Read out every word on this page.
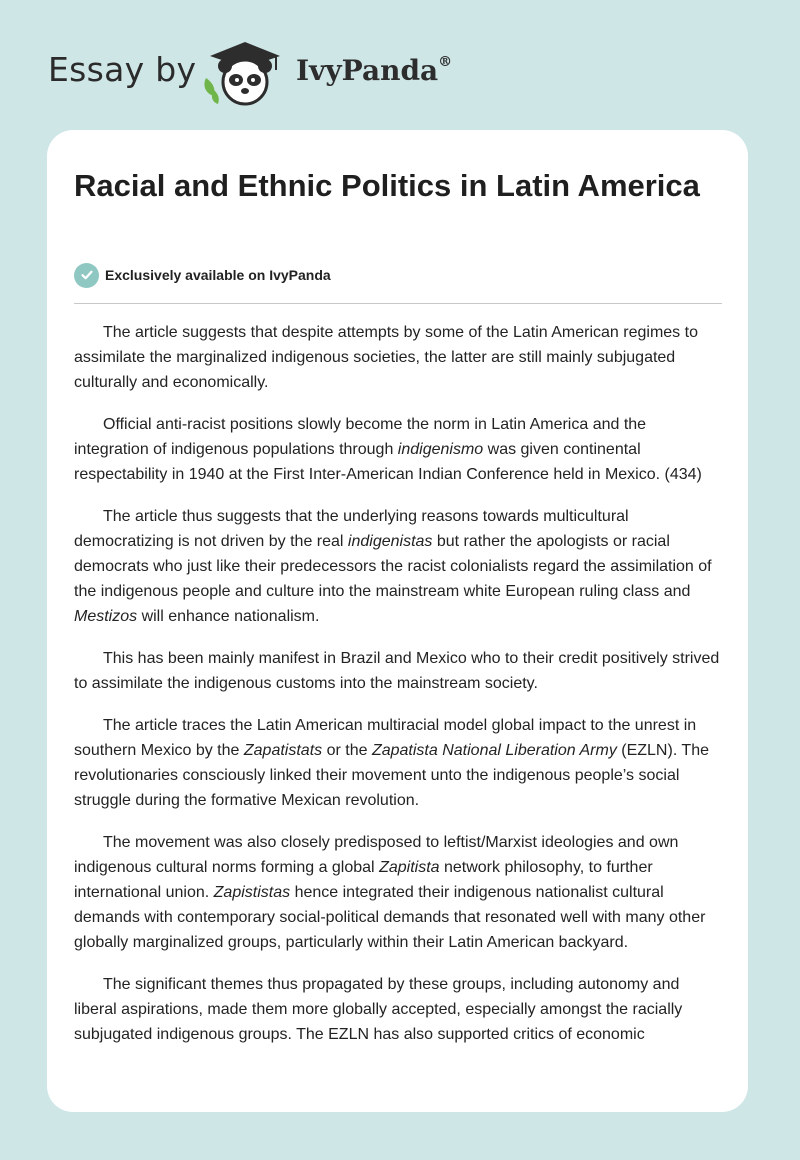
Essay by	IvyPanda®
Racial and Ethnic Politics in Latin America
Exclusively available on IvyPanda

The article suggests that despite attempts by some of the Latin American regimes to assimilate the marginalized indigenous societies, the latter are still mainly subjugated culturally and economically.

Official anti-racist positions slowly become the norm in Latin America and the integration of indigenous populations through indigenismo was given continental respectability in 1940 at the First Inter-American Indian Conference held in Mexico. (434)

The article thus suggests that the underlying reasons towards multicultural democratizing is not driven by the real indigenistas but rather the apologists or racial democrats who just like their predecessors the racist colonialists regard the assimilation of the indigenous people and culture into the mainstream white European ruling class and Mestizos will enhance nationalism.

This has been mainly manifest in Brazil and Mexico who to their credit positively strived to assimilate the indigenous customs into the mainstream society.

The article traces the Latin American multiracial model global impact to the unrest in southern Mexico by the Zapatistats or the Zapatista National Liberation Army (EZLN). The revolutionaries consciously linked their movement unto the indigenous people’s social struggle during the formative Mexican revolution.

The movement was also closely predisposed to leftist/Marxist ideologies and own indigenous cultural norms forming a global Zapitista network philosophy, to further international union. Zapististas hence integrated their indigenous nationalist cultural demands with contemporary social-political demands that resonated well with many other globally marginalized groups, particularly within their Latin American backyard.

The significant themes thus propagated by these groups, including autonomy and liberal aspirations, made them more globally accepted, especially amongst the racially subjugated indigenous groups. The EZLN has also supported critics of economic
